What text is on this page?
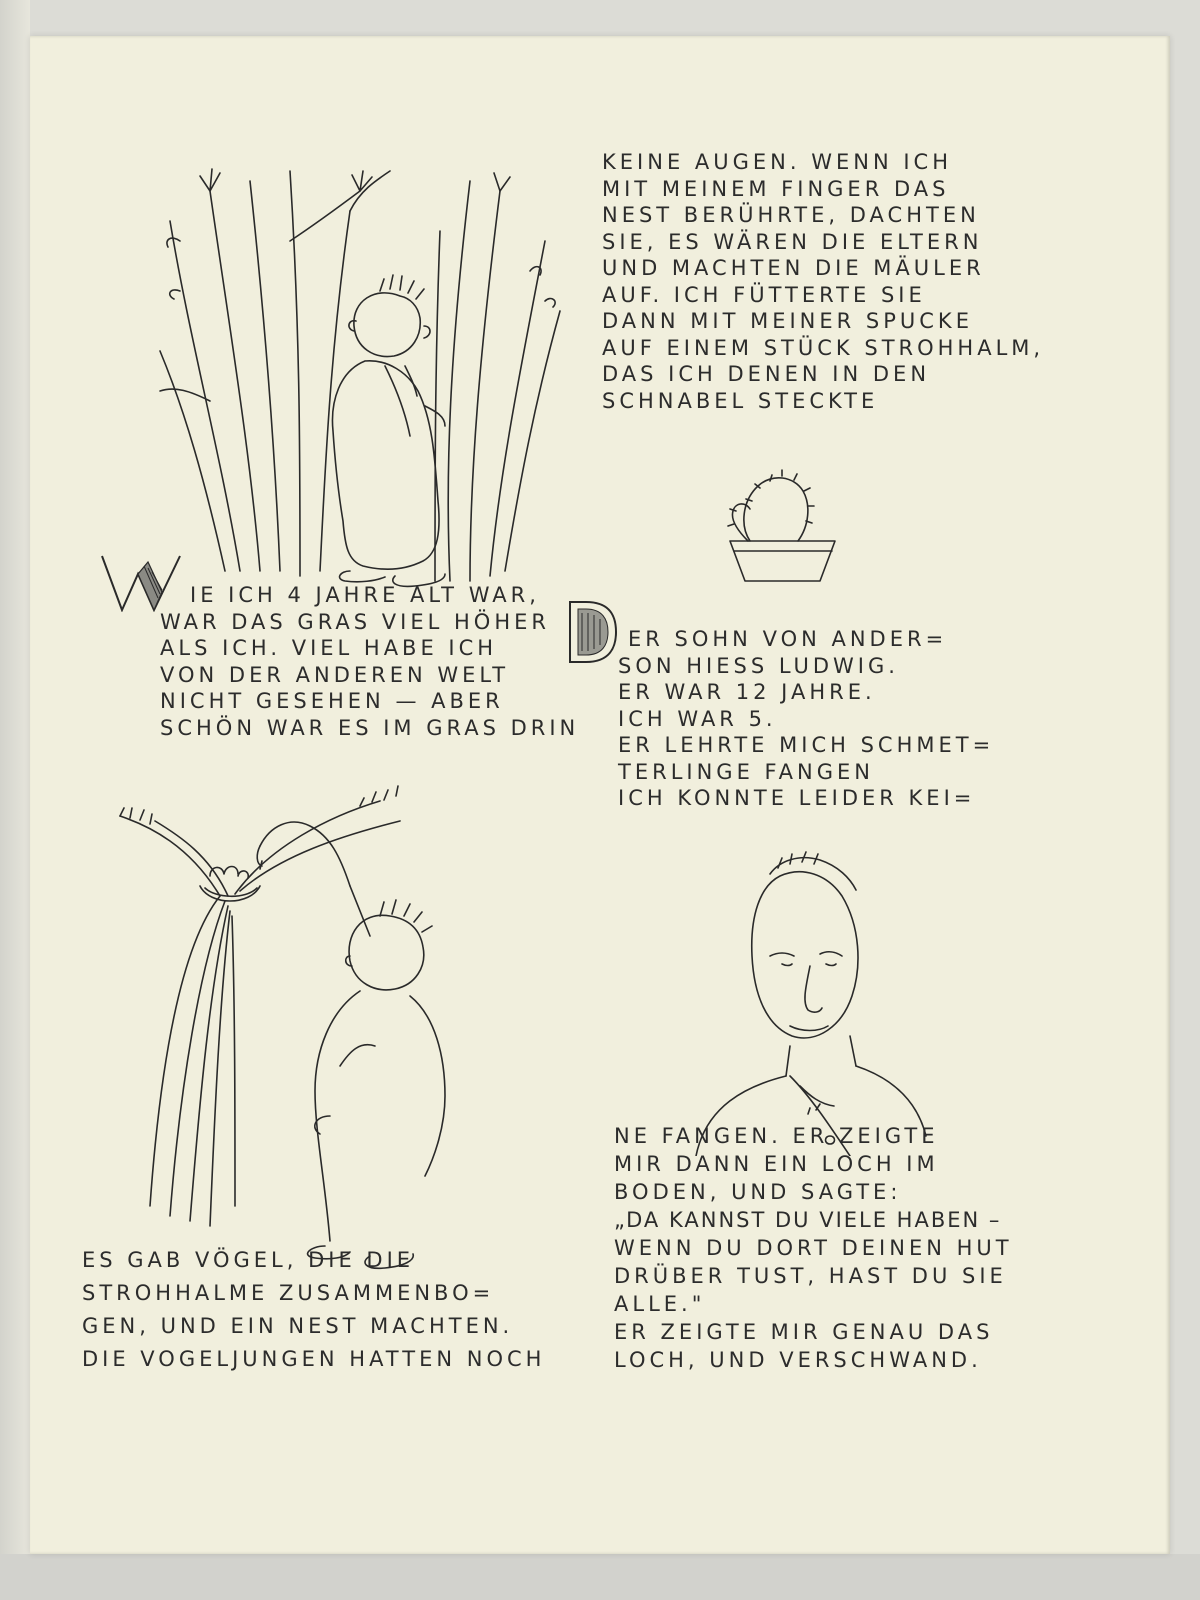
IE ICH 4 JAHRE ALT WAR,
WAR DAS GRAS VIEL HÖHER
ALS ICH. VIEL HABE ICH
VON DER ANDEREN WELT
NICHT GESEHEN — ABER
SCHÖN WAR ES IM GRAS DRIN
KEINE AUGEN. WENN ICH
MIT MEINEM FINGER DAS
NEST BERÜHRTE, DACHTEN
SIE, ES WÄREN DIE ELTERN
UND MACHTEN DIE MÄULER
AUF. ICH FÜTTERTE SIE
DANN MIT MEINER SPUCKE
AUF EINEM STÜCK STROHHALM,
DAS ICH DENEN IN DEN
SCHNABEL STECKTE
ER SOHN VON ANDER=
SON HIESS LUDWIG.
ER WAR 12 JAHRE.
ICH WAR 5.
ER LEHRTE MICH SCHMET=
TERLINGE FANGEN
ICH KONNTE LEIDER KEI=
ES GAB VÖGEL, DIE DIE
STROHHALME ZUSAMMENBO=
GEN, UND EIN NEST MACHTEN.
DIE VOGELJUNGEN HATTEN NOCH
NE FANGEN. ER ZEIGTE
MIR DANN EIN LOCH IM
BODEN, UND SAGTE:
„DA KANNST DU VIELE HABEN –
WENN DU DORT DEINEN HUT
DRÜBER TUST, HAST DU SIE
ALLE."
ER ZEIGTE MIR GENAU DAS
LOCH, UND VERSCHWAND.
